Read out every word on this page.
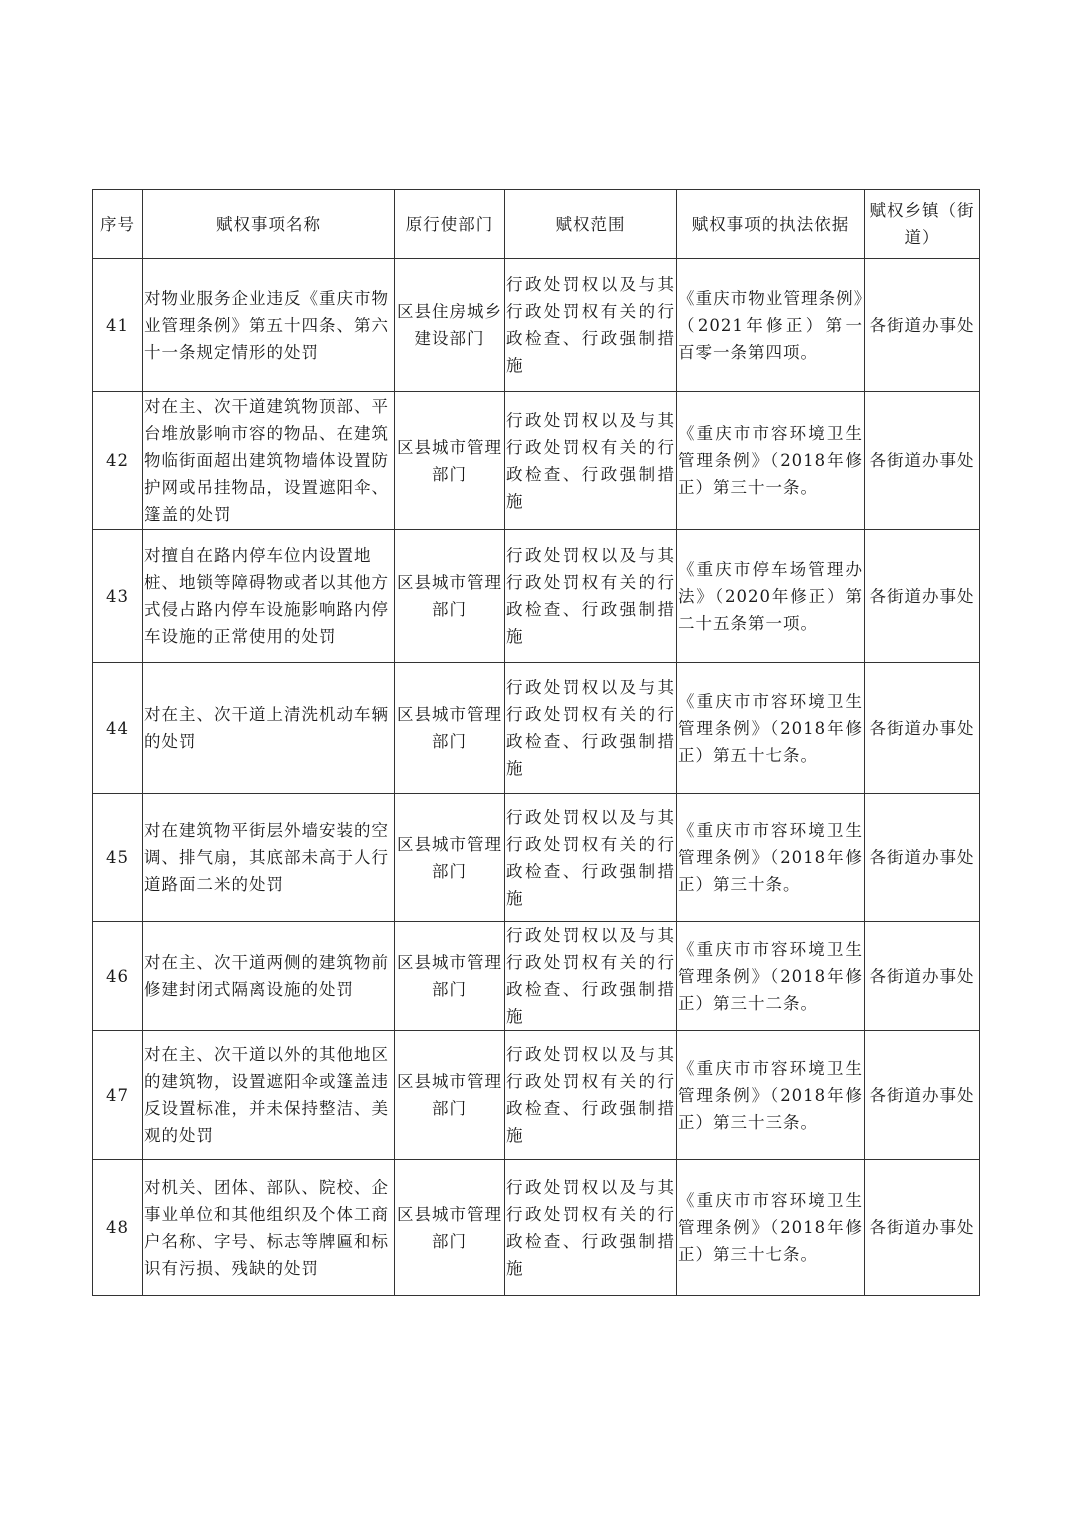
序号	赋权事项名称	原行使部门	赋权范围	赋权事项的执法依据	赋权乡镇（街道）
41	对物业服务企业违反《重庆市物业管理条例》第五十四条、第六十一条规定情形的处罚	区县住房城乡建设部门	行政处罚权以及与其行政处罚权有关的行政检查、行政强制措施	《重庆市物业管理条例》（2021年修正）第一百零一条第四项。	各街道办事处
42	对在主、次干道建筑物顶部、平台堆放影响市容的物品、在建筑物临街面超出建筑物墙体设置防护网或吊挂物品，设置遮阳伞、篷盖的处罚	区县城市管理部门	行政处罚权以及与其行政处罚权有关的行政检查、行政强制措施	《重庆市市容环境卫生管理条例》（2018年修正）第三十一条。	各街道办事处
43	对擅自在路内停车位内设置地桩、地锁等障碍物或者以其他方式侵占路内停车设施影响路内停车设施的正常使用的处罚	区县城市管理部门	行政处罚权以及与其行政处罚权有关的行政检查、行政强制措施	《重庆市停车场管理办法》（2020年修正）第二十五条第一项。	各街道办事处
44	对在主、次干道上清洗机动车辆的处罚	区县城市管理部门	行政处罚权以及与其行政处罚权有关的行政检查、行政强制措施	《重庆市市容环境卫生管理条例》（2018年修正）第五十七条。	各街道办事处
45	对在建筑物平街层外墙安装的空调、排气扇，其底部未高于人行道路面二米的处罚	区县城市管理部门	行政处罚权以及与其行政处罚权有关的行政检查、行政强制措施	《重庆市市容环境卫生管理条例》（2018年修正）第三十条。	各街道办事处
46	对在主、次干道两侧的建筑物前修建封闭式隔离设施的处罚	区县城市管理部门	行政处罚权以及与其行政处罚权有关的行政检查、行政强制措施	《重庆市市容环境卫生管理条例》（2018年修正）第三十二条。	各街道办事处
47	对在主、次干道以外的其他地区的建筑物，设置遮阳伞或篷盖违反设置标准，并未保持整洁、美观的处罚	区县城市管理部门	行政处罚权以及与其行政处罚权有关的行政检查、行政强制措施	《重庆市市容环境卫生管理条例》（2018年修正）第三十三条。	各街道办事处
48	对机关、团体、部队、院校、企事业单位和其他组织及个体工商户名称、字号、标志等牌匾和标识有污损、残缺的处罚	区县城市管理部门	行政处罚权以及与其行政处罚权有关的行政检查、行政强制措施	《重庆市市容环境卫生管理条例》（2018年修正）第三十七条。	各街道办事处
